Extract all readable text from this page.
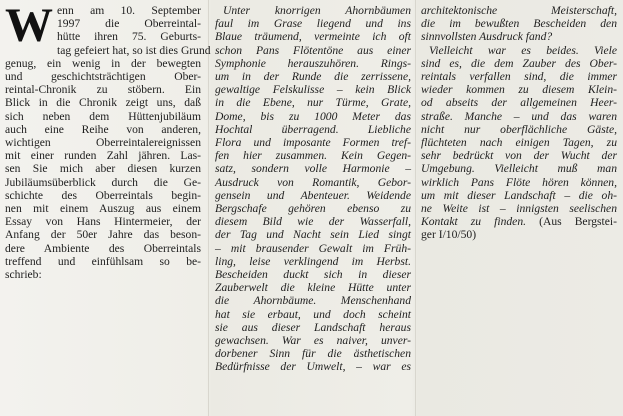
W enn am 10. September
1997 die Oberreintal-
hütte ihren 75. Geburts-
tag gefeiert hat, so ist dies Grund
genug, ein wenig in der bewegten
und geschichtsträchtigen Ober-
reintal-Chronik zu stöbern. Ein
Blick in die Chronik zeigt uns, daß
sich neben dem Hüttenjubiläum
auch eine Reihe von anderen,
wichtigen Oberreintalereignissen
mit einer runden Zahl jähren. Las-
sen Sie mich aber diesen kurzen
Jubiläumsüberblick durch die Ge-
schichte des Oberreintals begin-
nen mit einem Auszug aus einem
Essay von Hans Hintermeier, der
Anfang der 50er Jahre das beson-
dere Ambiente des Oberreintals
treffend und einfühlsam so be-
schrieb:
Unter knorrigen Ahornbäumen
faul im Grase liegend und ins
Blaue träumend, vermeinte ich oft
schon Pans Flötentöne aus einer
Symphonie herauszuhören. Rings-
um in der Runde die zerrissene,
gewaltige Felskulisse – kein Blick
in die Ebene, nur Türme, Grate,
Dome, bis zu 1000 Meter das
Hochtal überragend. Liebliche
Flora und imposante Formen tref-
fen hier zusammen. Kein Gegen-
satz, sondern volle Harmonie –
Ausdruck von Romantik, Gebor-
gensein und Abenteuer. Weidende
Bergschafe gehören ebenso zu
diesem Bild wie der Wasserfall,
der Tag und Nacht sein Lied singt
– mit brausender Gewalt im Früh-
ling, leise verklingend im Herbst.
Bescheiden duckt sich in dieser
Zauberwelt die kleine Hütte unter
die Ahornbäume. Menschenhand
hat sie erbaut, und doch scheint
sie aus dieser Landschaft heraus
gewachsen. War es naiver, unver-
dorbener Sinn für die ästhetischen
Bedürfnisse der Umwelt, – war es
architektonische Meisterschaft,
die im bewußten Bescheiden den
sinnvollsten Ausdruck fand?
Vielleicht war es beides. Viele
sind es, die dem Zauber des Ober-
reintals verfallen sind, die immer
wieder kommen zu diesem Klein-
od abseits der allgemeinen Heer-
straße. Manche – und das waren
nicht nur oberflächliche Gäste,
flüchteten nach einigen Tagen, zu
sehr bedrückt von der Wucht der
Umgebung. Vielleicht muß man
wirklich Pans Flöte hören können,
um mit dieser Landschaft – die oh-
ne Weite ist – innigsten seelischen
Kontakt zu finden. (Aus Bergstei-
ger I/10/50)
